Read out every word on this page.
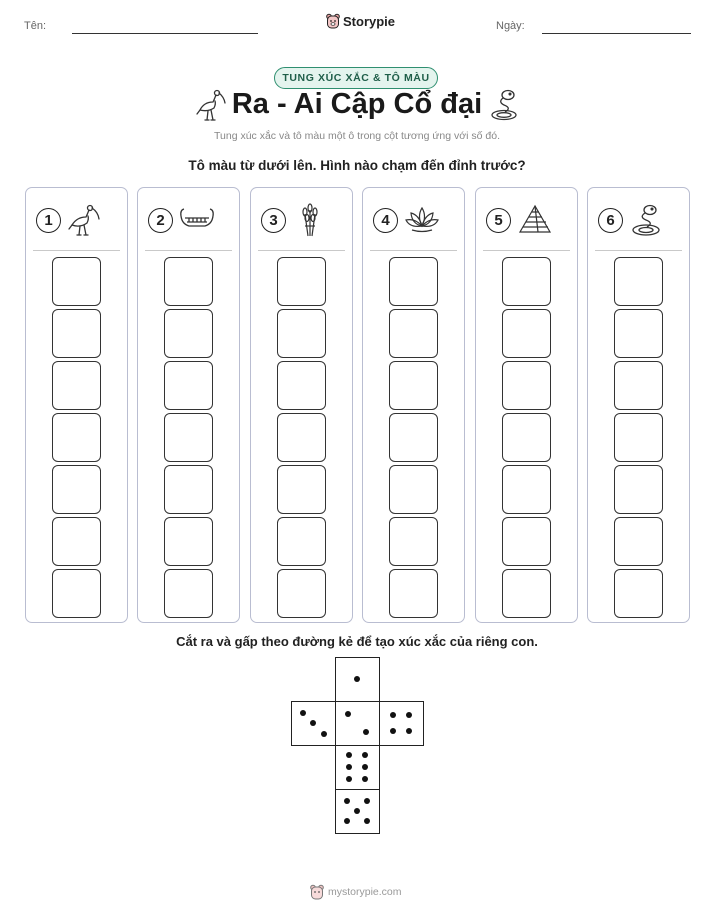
Tên:	Storypie	Ngày:
TUNG XÚC XẮC & TÔ MÀU
Ra - Ai Cập Cổ đại
Tung xúc xắc và tô màu một ô trong cột tương ứng với số đó.
Tô màu từ dưới lên. Hình nào chạm đến đỉnh trước?
1	2	3	4	5	6
Cắt ra và gấp theo đường kẻ để tạo xúc xắc của riêng con.
mystorypie.com
